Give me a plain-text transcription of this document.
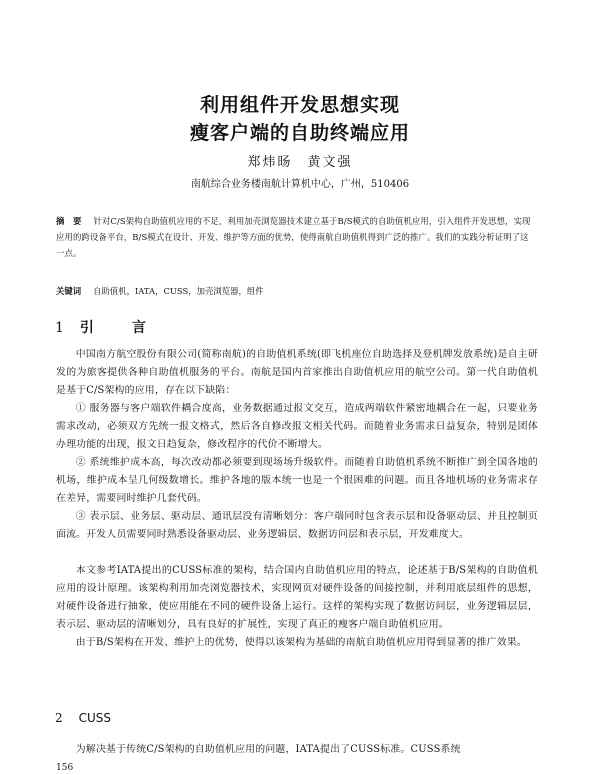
利用组件开发思想实现
瘦客户端的自助终端应用
郑炜旸　黄文强
南航综合业务楼南航计算机中心，广州，510406
摘　要 针对C/S架构自助值机应用的不足，利用加壳浏览器技术建立基于B/S模式的自助值机应用，引入组件开发思想，实现应用的跨设备平台，B/S模式在设计、开发、维护等方面的优势，使得南航自助值机得到广泛的推广。我们的实践分析证明了这一点。
关键词 自助值机，IATA，CUSS，加壳浏览器，组件
1 引　言
中国南方航空股份有限公司(简称南航)的自助值机系统(即飞机座位自助选择及登机牌发放系统)是自主研发的为旅客提供各种自助值机服务的平台。南航是国内首家推出自助值机应用的航空公司。第一代自助值机是基于C/S架构的应用，存在以下缺陷：
① 服务器与客户端软件耦合度高，业务数据通过报文交互，造成两端软件紧密地耦合在一起，只要业务需求改动，必须双方先统一报文格式，然后各自修改报文相关代码。而随着业务需求日益复杂，特别是团体办理功能的出现，报文日趋复杂，修改程序的代价不断增大。
② 系统维护成本高，每次改动都必须要到现场场升级软件。而随着自助值机系统不断推广到全国各地的机场，维护成本呈几何级数增长。维护各地的版本统一也是一个很困难的问题。而且各地机场的业务需求存在差异，需要同时维护几套代码。
③ 表示层、业务层、驱动层、通讯层没有清晰划分：客户端同时包含表示层和设备驱动层、并且控制页面流。开发人员需要同时熟悉设备驱动层、业务逻辑层、数据访问层和表示层，开发难度大。
本文参考IATA提出的CUSS标准的架构，结合国内自助值机应用的特点，论述基于B/S架构的自助值机应用的设计原理。该架构利用加壳浏览器技术，实现网页对硬件设备的间接控制，并利用底层组件的思想，对硬件设备进行抽象，使应用能在不同的硬件设备上运行。这样的架构实现了数据访问层，业务逻辑层层，表示层、驱动层的清晰划分，具有良好的扩展性，实现了真正的瘦客户端自助值机应用。
由于B/S架构在开发、维护上的优势，使得以该架构为基础的南航自助值机应用得到显著的推广效果。
2 CUSS
为解决基于传统C/S架构的自助值机应用的问题，IATA提出了CUSS标准。CUSS系统
156
